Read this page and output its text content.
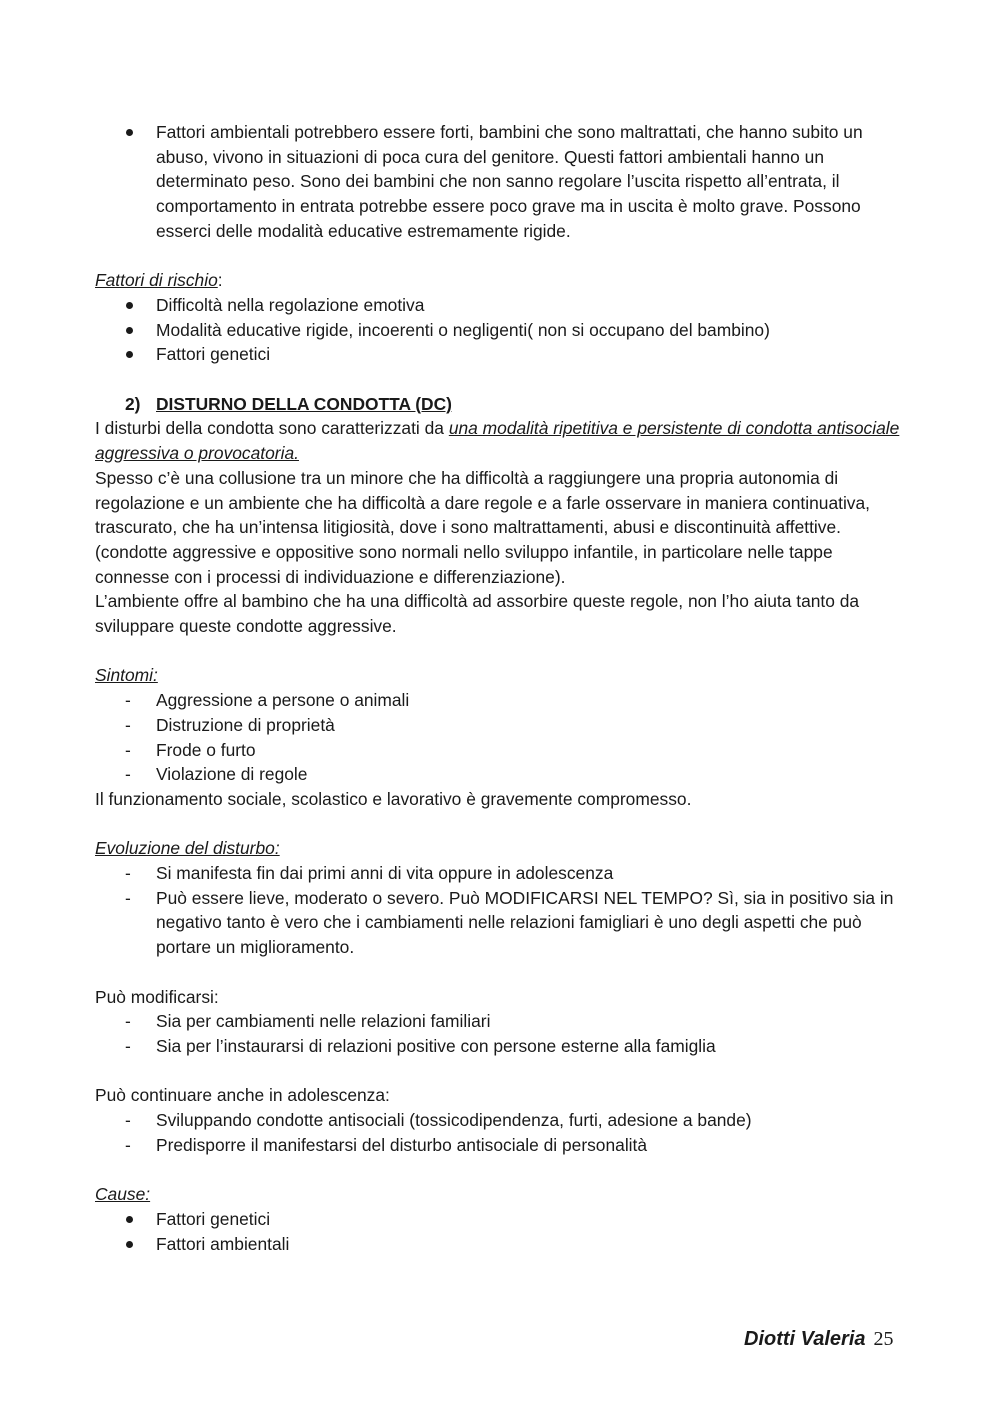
Fattori ambientali potrebbero essere forti, bambini che sono maltrattati, che hanno subito un abuso, vivono in situazioni di poca cura del genitore. Questi fattori ambientali hanno un determinato peso. Sono dei bambini che non sanno regolare l’uscita rispetto all’entrata, il comportamento in entrata potrebbe essere poco grave ma in uscita è molto grave. Possono esserci delle modalità educative estremamente rigide.

Fattori di rischio:

Difficoltà nella regolazione emotiva
Modalità educative rigide, incoerenti o negligenti( non si occupano del bambino)
Fattori genetici

2) DISTURNO DELLA CONDOTTA (DC)

I disturbi della condotta sono caratterizzati da una modalità ripetitiva e persistente di condotta antisociale aggressiva o provocatoria.

Spesso c’è una collusione tra un minore che ha difficoltà a raggiungere una propria autonomia di regolazione e un ambiente che ha difficoltà a dare regole e a farle osservare in maniera continuativa, trascurato, che ha un’intensa litigiosità, dove i sono maltrattamenti, abusi e discontinuità affettive.

(condotte aggressive e oppositive sono normali nello sviluppo infantile, in particolare nelle tappe connesse con i processi di individuazione e differenziazione).

L’ambiente offre al bambino che ha una difficoltà ad assorbire queste regole, non l’ho aiuta tanto da sviluppare queste condotte aggressive.

Sintomi:

- Aggressione a persone o animali
- Distruzione di proprietà
- Frode o furto
- Violazione di regole

Il funzionamento sociale, scolastico e lavorativo è gravemente compromesso.

Evoluzione del disturbo:

- Si manifesta fin dai primi anni di vita oppure in adolescenza
- Può essere lieve, moderato o severo. Può MODIFICARSI NEL TEMPO? Sì, sia in positivo sia in negativo tanto è vero che i cambiamenti nelle relazioni famigliari è uno degli aspetti che può portare un miglioramento.

Può modificarsi:

- Sia per cambiamenti nelle relazioni familiari
- Sia per l’instaurarsi di relazioni positive con persone esterne alla famiglia

Può continuare anche in adolescenza:

- Sviluppando condotte antisociali (tossicodipendenza, furti, adesione a bande)
- Predisporre il manifestarsi del disturbo antisociale di personalità

Cause:

Fattori genetici
Fattori ambientali
Diotti Valeria 25
